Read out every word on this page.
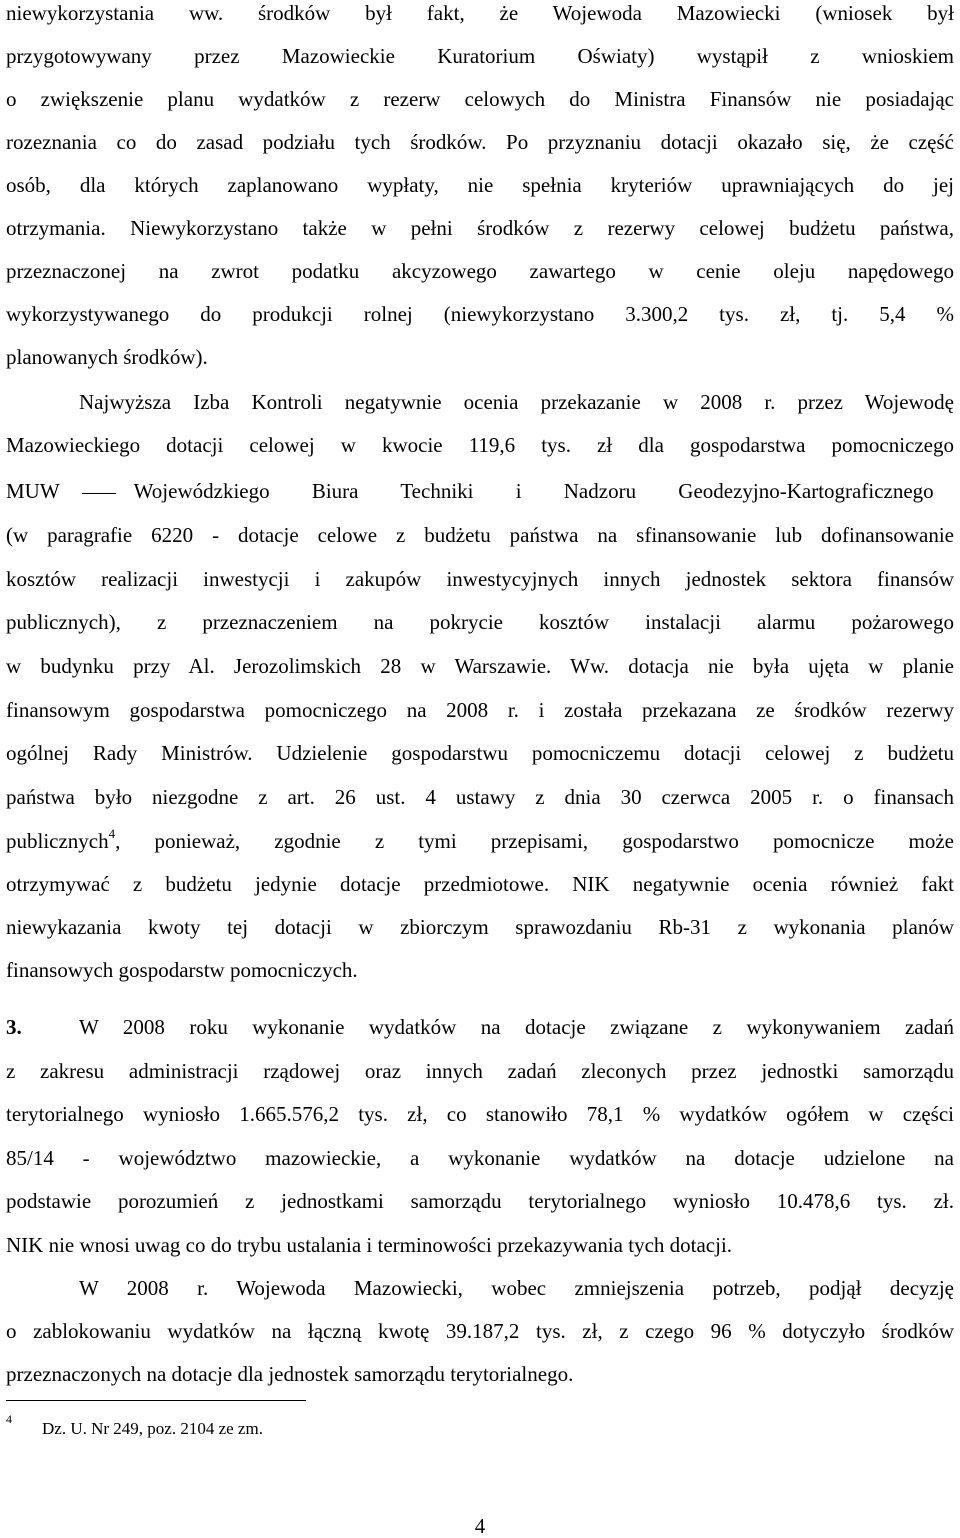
niewykorzystania ww. środków był fakt, że Wojewoda Mazowiecki (wniosek był
przygotowywany przez Mazowieckie Kuratorium Oświaty) wystąpił z wnioskiem
o zwiększenie planu wydatków z rezerw celowych do Ministra Finansów nie posiadając
rozeznania co do zasad podziału tych środków. Po przyznaniu dotacji okazało się, że część
osób, dla których zaplanowano wypłaty, nie spełnia kryteriów uprawniających do jej
otrzymania. Niewykorzystano także w pełni środków z rezerwy celowej budżetu państwa,
przeznaczonej na zwrot podatku akcyzowego zawartego w cenie oleju napędowego
wykorzystywanego do produkcji rolnej (niewykorzystano 3.300,2 tys. zł, tj. 5,4 %
planowanych środków).
Najwyższa Izba Kontroli negatywnie ocenia przekazanie w 2008 r. przez Wojewodę
Mazowieckiego dotacji celowej w kwocie 119,6 tys. zł dla gospodarstwa pomocniczego
MUW	Wojewódzkiego Biura Techniki i Nadzoru Geodezyjno-Kartograficznego
(w paragrafie 6220 - dotacje celowe z budżetu państwa na sfinansowanie lub dofinansowanie
kosztów realizacji inwestycji i zakupów inwestycyjnych innych jednostek sektora finansów
publicznych), z przeznaczeniem na pokrycie kosztów instalacji alarmu pożarowego
w budynku przy Al. Jerozolimskich 28 w Warszawie. Ww. dotacja nie była ujęta w planie
finansowym gospodarstwa pomocniczego na 2008 r. i została przekazana ze środków rezerwy
ogólnej Rady Ministrów. Udzielenie gospodarstwu pomocniczemu dotacji celowej z budżetu
państwa było niezgodne z art. 26 ust. 4 ustawy z dnia 30 czerwca 2005 r. o finansach
publicznych$^4$, ponieważ, zgodnie z tymi przepisami, gospodarstwo pomocnicze może
otrzymywać z budżetu jedynie dotacje przedmiotowe. NIK negatywnie ocenia również fakt
niewykazania kwoty tej dotacji w zbiorczym sprawozdaniu Rb-31 z wykonania planów
finansowych gospodarstw pomocniczych.
3.	W 2008 roku wykonanie wydatków na dotacje związane z wykonywaniem zadań
z zakresu administracji rządowej oraz innych zadań zleconych przez jednostki samorządu
terytorialnego wyniosło 1.665.576,2 tys. zł, co stanowiło 78,1 % wydatków ogółem w części
85/14 - województwo mazowieckie, a wykonanie wydatków na dotacje udzielone na
podstawie porozumień z jednostkami samorządu terytorialnego wyniosło 10.478,6 tys. zł.
NIK nie wnosi uwag co do trybu ustalania i terminowości przekazywania tych dotacji.
W 2008 r. Wojewoda Mazowiecki, wobec zmniejszenia potrzeb, podjął decyzję
o zablokowaniu wydatków na łączną kwotę 39.187,2 tys. zł, z czego 96 % dotyczyło środków
przeznaczonych na dotacje dla jednostek samorządu terytorialnego.
4 Dz. U. Nr 249, poz. 2104 ze zm.
4
